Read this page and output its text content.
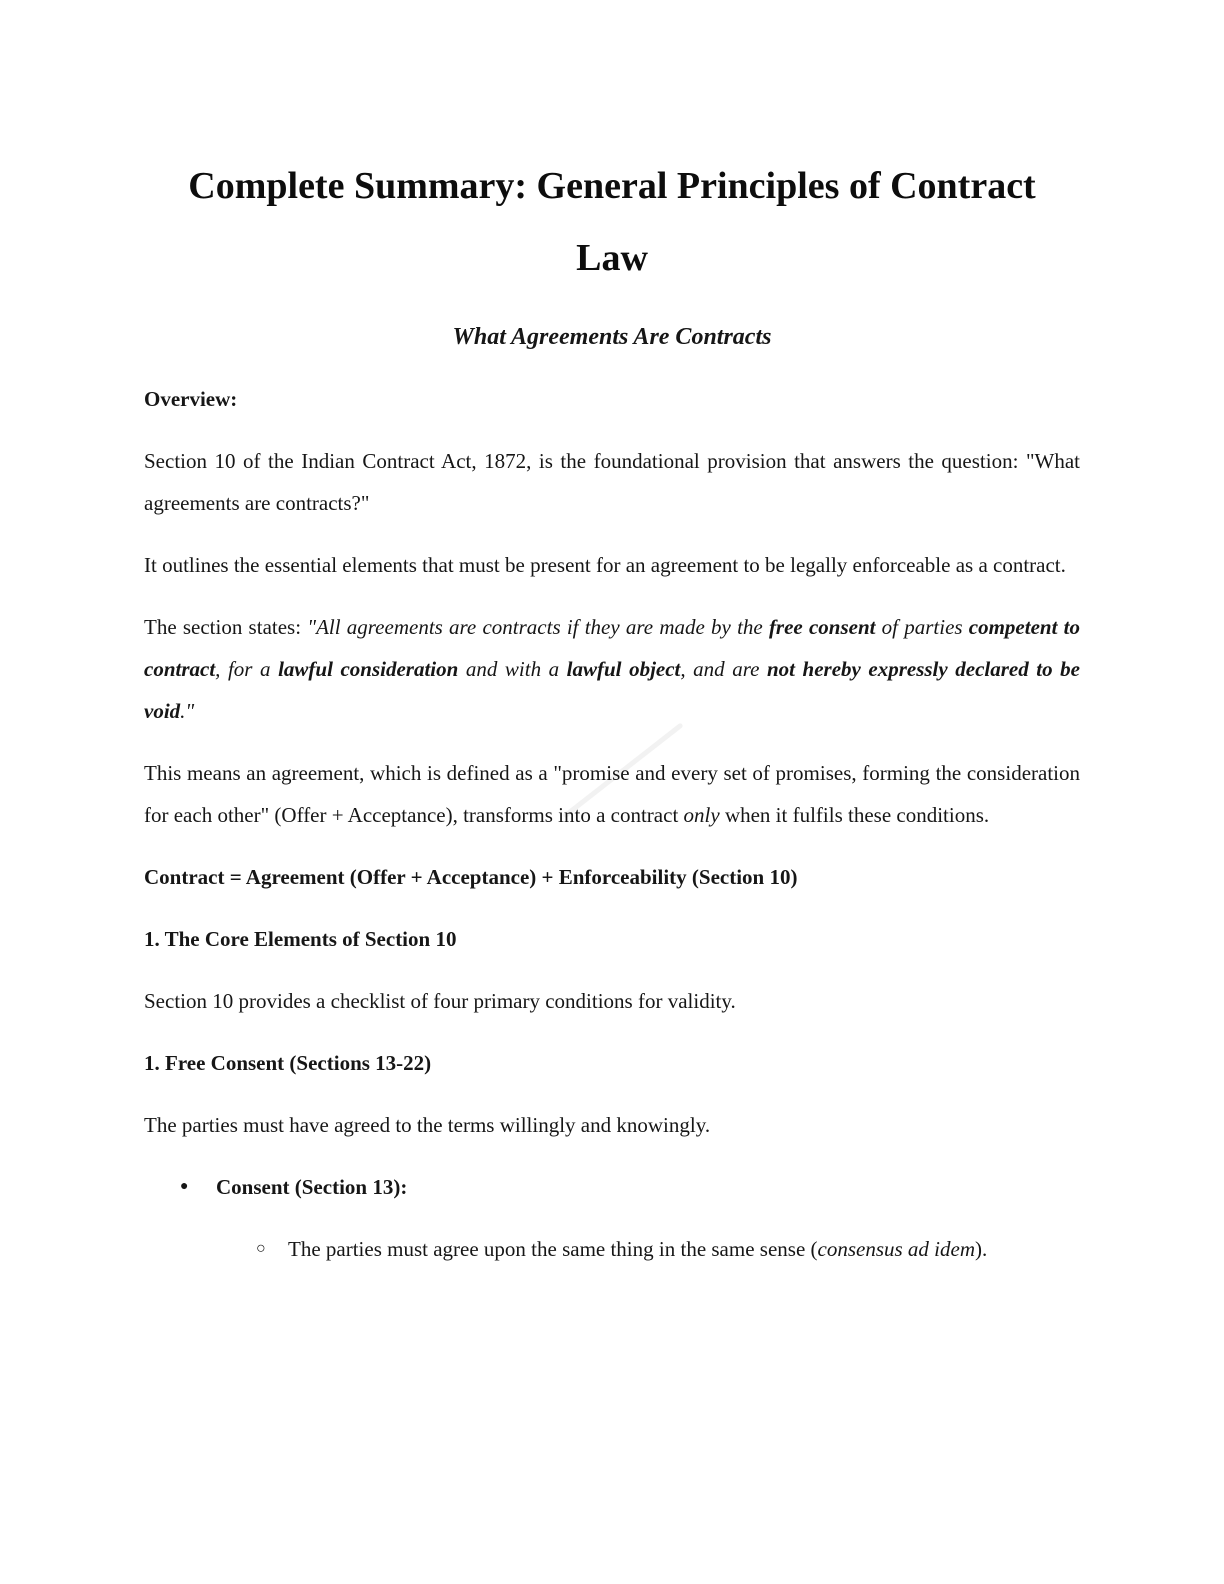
Complete Summary: General Principles of Contract
Law

What Agreements Are Contracts

Overview:

Section 10 of the Indian Contract Act, 1872, is the foundational provision that answers the question: "What agreements are contracts?"

It outlines the essential elements that must be present for an agreement to be legally enforceable as a contract.

The section states: "All agreements are contracts if they are made by the free consent of parties competent to contract, for a lawful consideration and with a lawful object, and are not hereby expressly declared to be void."

This means an agreement, which is defined as a "promise and every set of promises, forming the consideration for each other" (Offer + Acceptance), transforms into a contract only when it fulfils these conditions.

Contract = Agreement (Offer + Acceptance) + Enforceability (Section 10)

1. The Core Elements of Section 10

Section 10 provides a checklist of four primary conditions for validity.

1. Free Consent (Sections 13-22)

The parties must have agreed to the terms willingly and knowingly.

●	Consent (Section 13):
○	The parties must agree upon the same thing in the same sense (consensus ad idem).
